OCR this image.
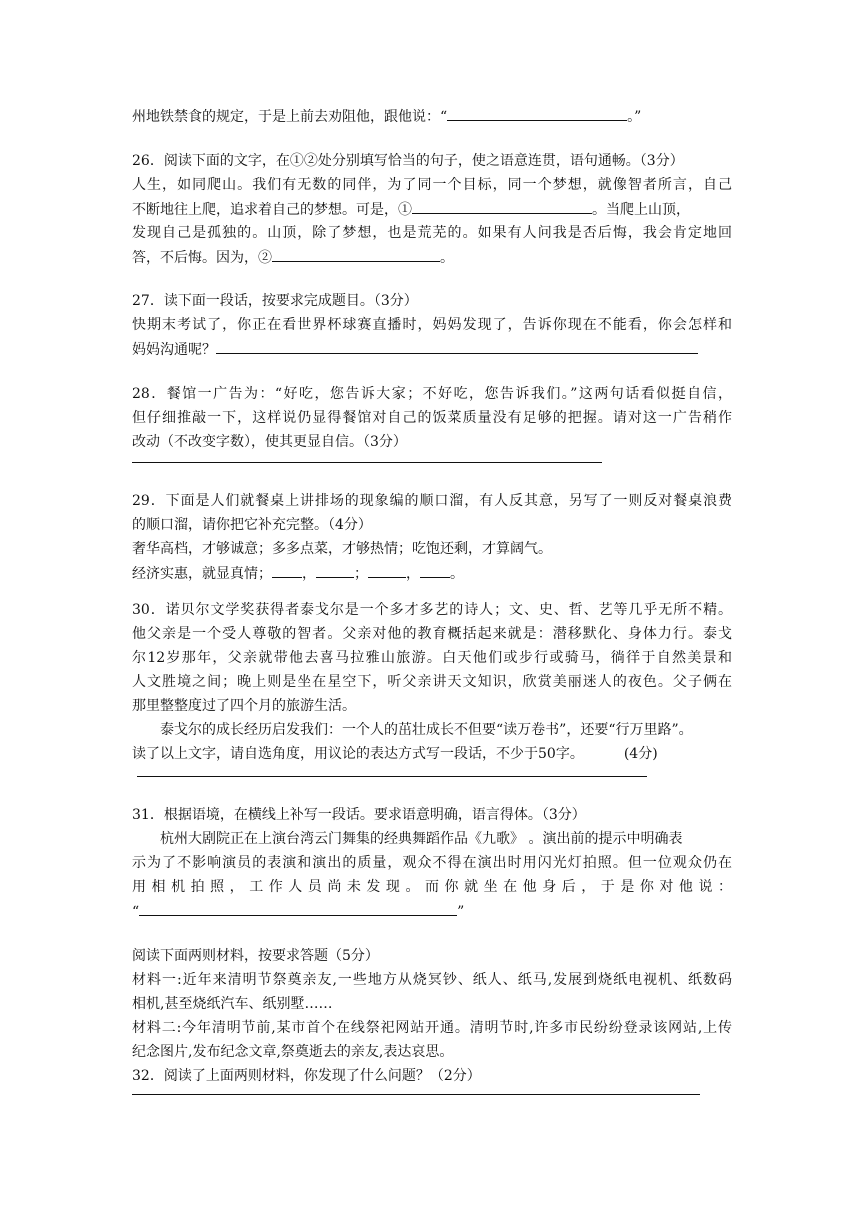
州地铁禁食的规定，于是上前去劝阻他，跟他说：“	。”
26．阅读下面的文字，在①②处分别填写恰当的句子，使之语意连贯，语句通畅。（3分）
人生，如同爬山。我们有无数的同伴，为了同一个目标，同一个梦想，就像智者所言，自己
不断地往上爬，追求着自己的梦想。可是，①	。当爬上山顶，
发现自己是孤独的。山顶，除了梦想，也是荒芜的。如果有人问我是否后悔，我会肯定地回
答，不后悔。因为，②	。
27．读下面一段话，按要求完成题目。（3分）
快期末考试了，你正在看世界杯球赛直播时，妈妈发现了，告诉你现在不能看，你会怎样和
妈妈沟通呢？
28．餐馆一广告为：“好吃，您告诉大家；不好吃，您告诉我们。”这两句话看似挺自信，
但仔细推敲一下，这样说仍显得餐馆对自己的饭菜质量没有足够的把握。请对这一广告稍作
改动（不改变字数），使其更显自信。（3分）
29．下面是人们就餐桌上讲排场的现象编的顺口溜，有人反其意，另写了一则反对餐桌浪费
的顺口溜，请你把它补充完整。（4分）
奢华高档，才够诚意；多多点菜，才够热情；吃饱还剩，才算阔气。
经济实惠，就显真情； ，	；	， 。
30．诺贝尔文学奖获得者泰戈尔是一个多才多艺的诗人；文、史、哲、艺等几乎无所不精。
他父亲是一个受人尊敬的智者。父亲对他的教育概括起来就是：潜移默化、身体力行。泰戈
尔12岁那年，父亲就带他去喜马拉雅山旅游。白天他们或步行或骑马，徜徉于自然美景和
人文胜境之间；晚上则是坐在星空下，听父亲讲天文知识，欣赏美丽迷人的夜色。父子俩在
那里整整度过了四个月的旅游生活。
泰戈尔的成长经历启发我们：一个人的茁壮成长不但要“读万卷书”，还要“行万里路”。
读了以上文字，请自选角度，用议论的表达方式写一段话，不少于50字。	(4分)
31．根据语境，在横线上补写一段话。要求语意明确，语言得体。（3分）
杭州大剧院正在上演台湾云门舞集的经典舞蹈作品《九歌》 。演出前的提示中明确表
示为了不影响演员的表演和演出的质量，观众不得在演出时用闪光灯拍照。但一位观众仍在
用相机拍照，工作人员尚未发现。而你就坐在他身后，于是你对他说：
“	”
阅读下面两则材料，按要求答题（5分）
材料一:近年来清明节祭奠亲友,一些地方从烧冥钞、纸人、纸马,发展到烧纸电视机、纸数码
相机,甚至烧纸汽车、纸别墅……
材料二:今年清明节前,某市首个在线祭祀网站开通。清明节时,许多市民纷纷登录该网站,上传
纪念图片,发布纪念文章,祭奠逝去的亲友,表达哀思。
32．阅读了上面两则材料，你发现了什么问题？（2分）
